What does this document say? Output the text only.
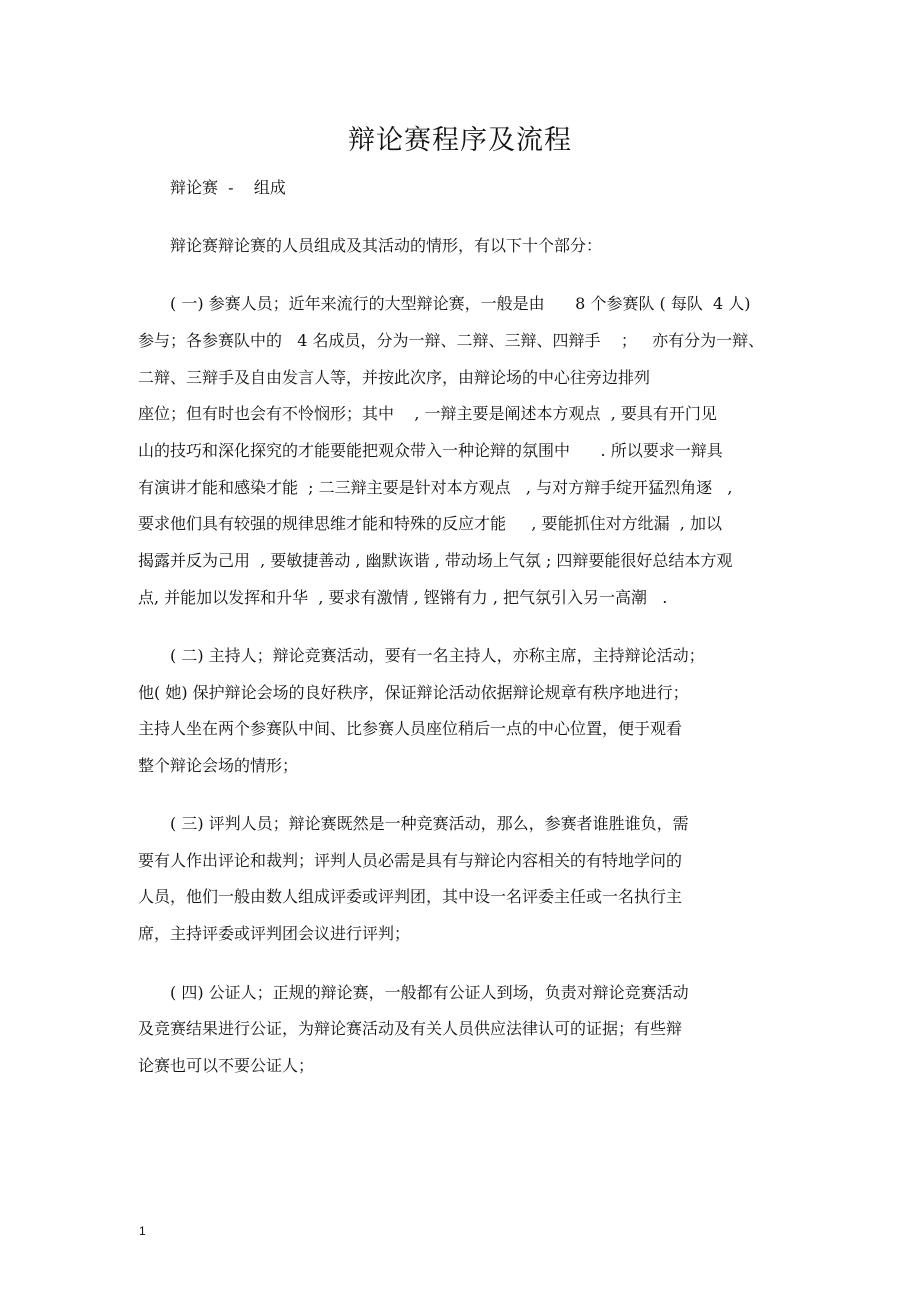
辩论赛程序及流程
辩论赛  -    组成
辩论赛辩论赛的人员组成及其活动的情形，有以下十个部分：
( 一) 参赛人员；近年来流行的大型辩论赛，一般是由      8 个参赛队 ( 每队  4 人)
参与；各参赛队中的   4 名成员，分为一辩、二辩、三辩、四辩手    ；   亦有分为一辩、
二辩、三辩手及自由发言人等，并按此次序，由辩论场的中心往旁边排列
座位；但有时也会有不怜悯形；其中    , 一辩主要是阐述本方观点  , 要具有开门见
山的技巧和深化探究的才能要能把观众带入一种论辩的氛围中      . 所以要求一辩具
有演讲才能和感染才能  ; 二三辩主要是针对本方观点   , 与对方辩手绽开猛烈角逐   ,
要求他们具有较强的规律思维才能和特殊的反应才能     , 要能抓住对方纰漏  , 加以
揭露并反为己用  , 要敏捷善动 , 幽默诙谐 , 带动场上气氛 ; 四辩要能很好总结本方观
点, 并能加以发挥和升华  , 要求有激情 , 铿锵有力 , 把气氛引入另一高潮   .
( 二) 主持人；辩论竞赛活动，要有一名主持人，亦称主席，主持辩论活动；
他( 她) 保护辩论会场的良好秩序，保证辩论活动依据辩论规章有秩序地进行；
主持人坐在两个参赛队中间、比参赛人员座位稍后一点的中心位置，便于观看
整个辩论会场的情形；
( 三) 评判人员；辩论赛既然是一种竞赛活动，那么，参赛者谁胜谁负，需
要有人作出评论和裁判；评判人员必需是具有与辩论内容相关的有特地学问的
人员，他们一般由数人组成评委或评判团，其中设一名评委主任或一名执行主
席，主持评委或评判团会议进行评判；
( 四) 公证人；正规的辩论赛，一般都有公证人到场，负责对辩论竞赛活动
及竞赛结果进行公证，为辩论赛活动及有关人员供应法律认可的证据；有些辩
论赛也可以不要公证人；
1
